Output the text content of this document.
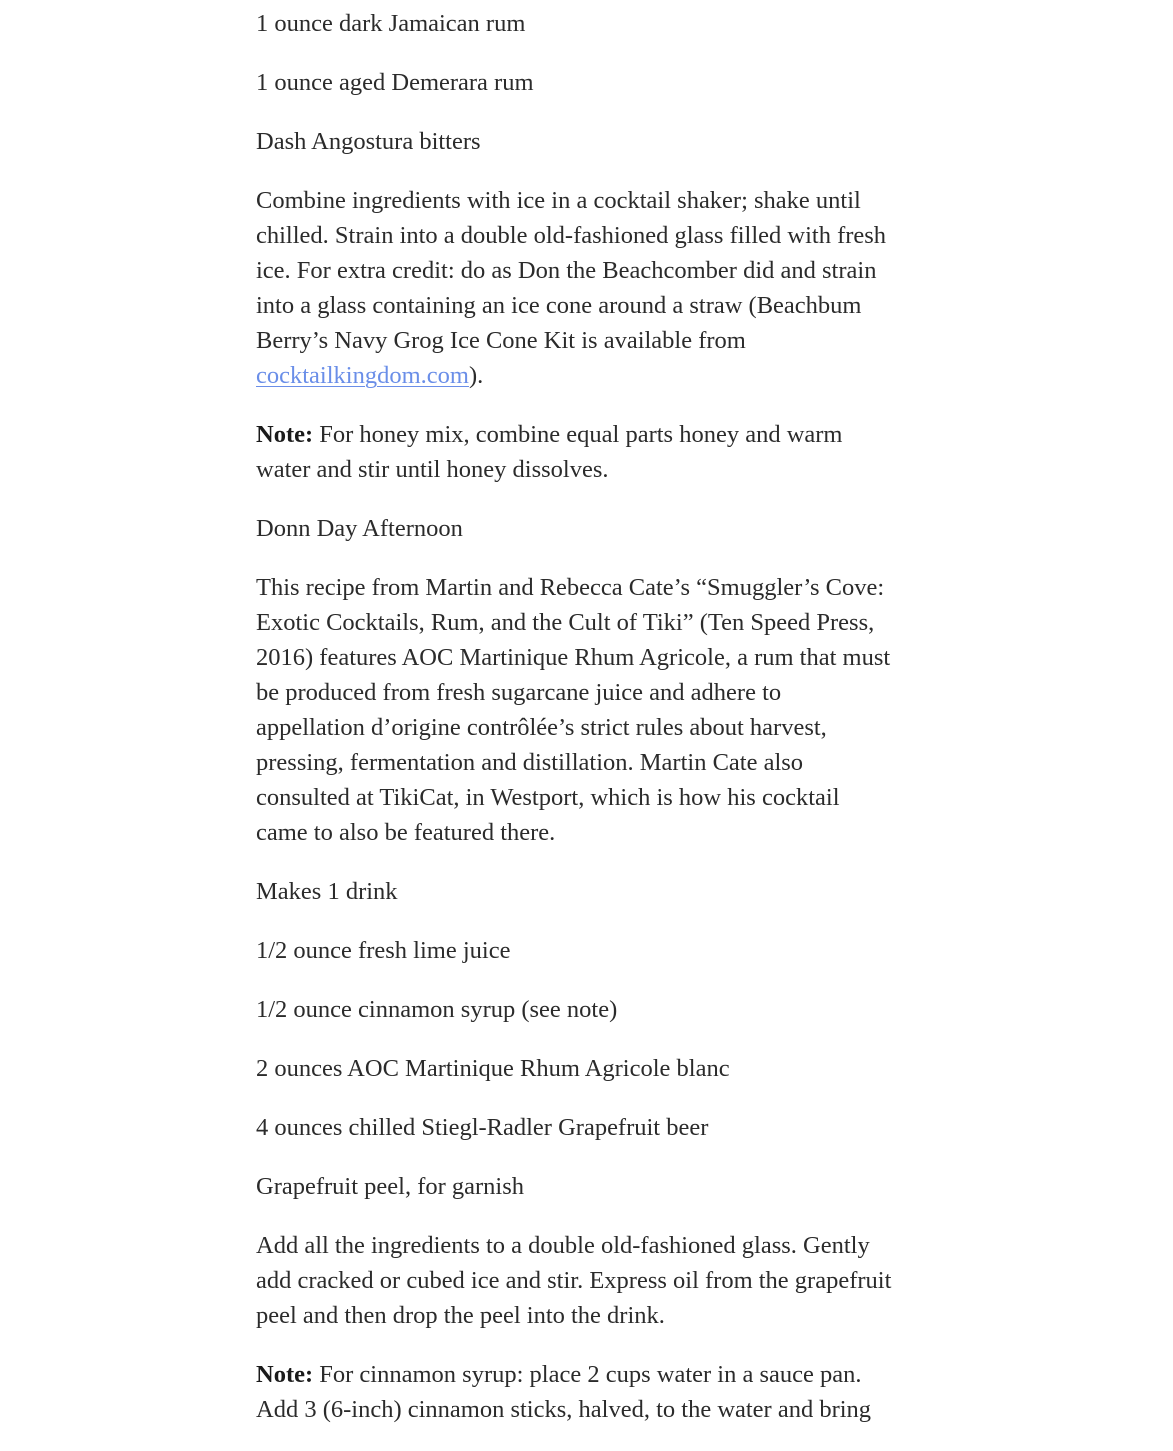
1 ounce dark Jamaican rum

1 ounce aged Demerara rum

Dash Angostura bitters

Combine ingredients with ice in a cocktail shaker; shake until chilled. Strain into a double old-fashioned glass filled with fresh ice. For extra credit: do as Don the Beachcomber did and strain into a glass containing an ice cone around a straw (Beachbum Berry’s Navy Grog Ice Cone Kit is available from cocktailkingdom.com).

Note: For honey mix, combine equal parts honey and warm water and stir until honey dissolves.

Donn Day Afternoon

This recipe from Martin and Rebecca Cate’s “Smuggler’s Cove: Exotic Cocktails, Rum, and the Cult of Tiki” (Ten Speed Press, 2016) features AOC Martinique Rhum Agricole, a rum that must be produced from fresh sugarcane juice and adhere to appellation d’origine contrôlée’s strict rules about harvest, pressing, fermentation and distillation. Martin Cate also consulted at TikiCat, in Westport, which is how his cocktail came to also be featured there.

Makes 1 drink

1/2 ounce fresh lime juice

1/2 ounce cinnamon syrup (see note)

2 ounces AOC Martinique Rhum Agricole blanc

4 ounces chilled Stiegl-Radler Grapefruit beer

Grapefruit peel, for garnish

Add all the ingredients to a double old-fashioned glass. Gently add cracked or cubed ice and stir. Express oil from the grapefruit peel and then drop the peel into the drink.

Note: For cinnamon syrup: place 2 cups water in a sauce pan. Add 3 (6-inch) cinnamon sticks, halved, to the water and bring
